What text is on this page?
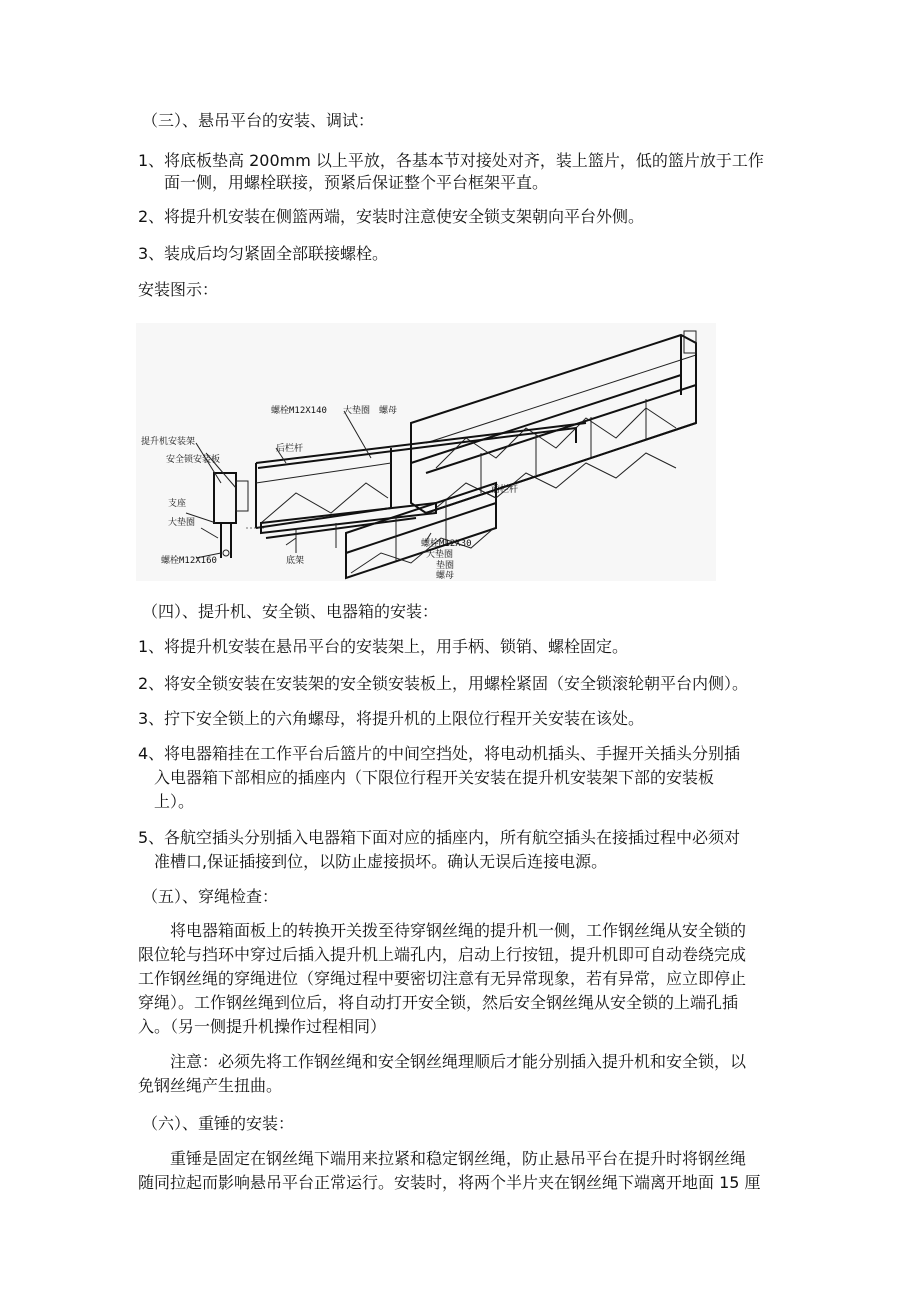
（三）、悬吊平台的安装、调试：
1、 将底板垫高 200mm 以上平放，各基本节对接处对齐，装上篮片，低的篮片放于工作
面一侧，用螺栓联接，预紧后保证整个平台框架平直。
2、 将提升机安装在侧篮两端，安装时注意使安全锁支架朝向平台外侧。
3、 装成后均匀紧固全部联接螺栓。
安装图示：
螺栓M12X140 大垫圈 螺母
提升机安装架
后栏杆
安全锁安装板
支座
大垫圈
前栏杆
螺栓M12X30
大垫圈
垫圈
螺母
螺栓M12X160	底架
（四）、提升机、安全锁、电器箱的安装：
1、 将提升机安装在悬吊平台的安装架上，用手柄、锁销、螺栓固定。
2、 将安全锁安装在安装架的安全锁安装板上，用螺栓紧固（安全锁滚轮朝平台内侧）。
3、 拧下安全锁上的六角螺母，将提升机的上限位行程开关安装在该处。
4、 将电器箱挂在工作平台后篮片的中间空挡处，将电动机插头、手握开关插头分别插
入电器箱下部相应的插座内（下限位行程开关安装在提升机安装架下部的安装板
上）。
5、 各航空插头分别插入电器箱下面对应的插座内，所有航空插头在接插过程中必须对
准槽口,保证插接到位，以防止虚接损坏。确认无误后连接电源。
（五）、穿绳检查：
将电器箱面板上的转换开关拨至待穿钢丝绳的提升机一侧，工作钢丝绳从安全锁的
限位轮与挡环中穿过后插入提升机上端孔内，启动上行按钮，提升机即可自动卷绕完成
工作钢丝绳的穿绳进位（穿绳过程中要密切注意有无异常现象，若有异常，应立即停止
穿绳）。工作钢丝绳到位后，将自动打开安全锁，然后安全钢丝绳从安全锁的上端孔插
入。（另一侧提升机操作过程相同）
注意：必须先将工作钢丝绳和安全钢丝绳理顺后才能分别插入提升机和安全锁，以
免钢丝绳产生扭曲。
（六）、重锤的安装：
重锤是固定在钢丝绳下端用来拉紧和稳定钢丝绳，防止悬吊平台在提升时将钢丝绳
随同拉起而影响悬吊平台正常运行。安装时，将两个半片夹在钢丝绳下端离开地面 15 厘
